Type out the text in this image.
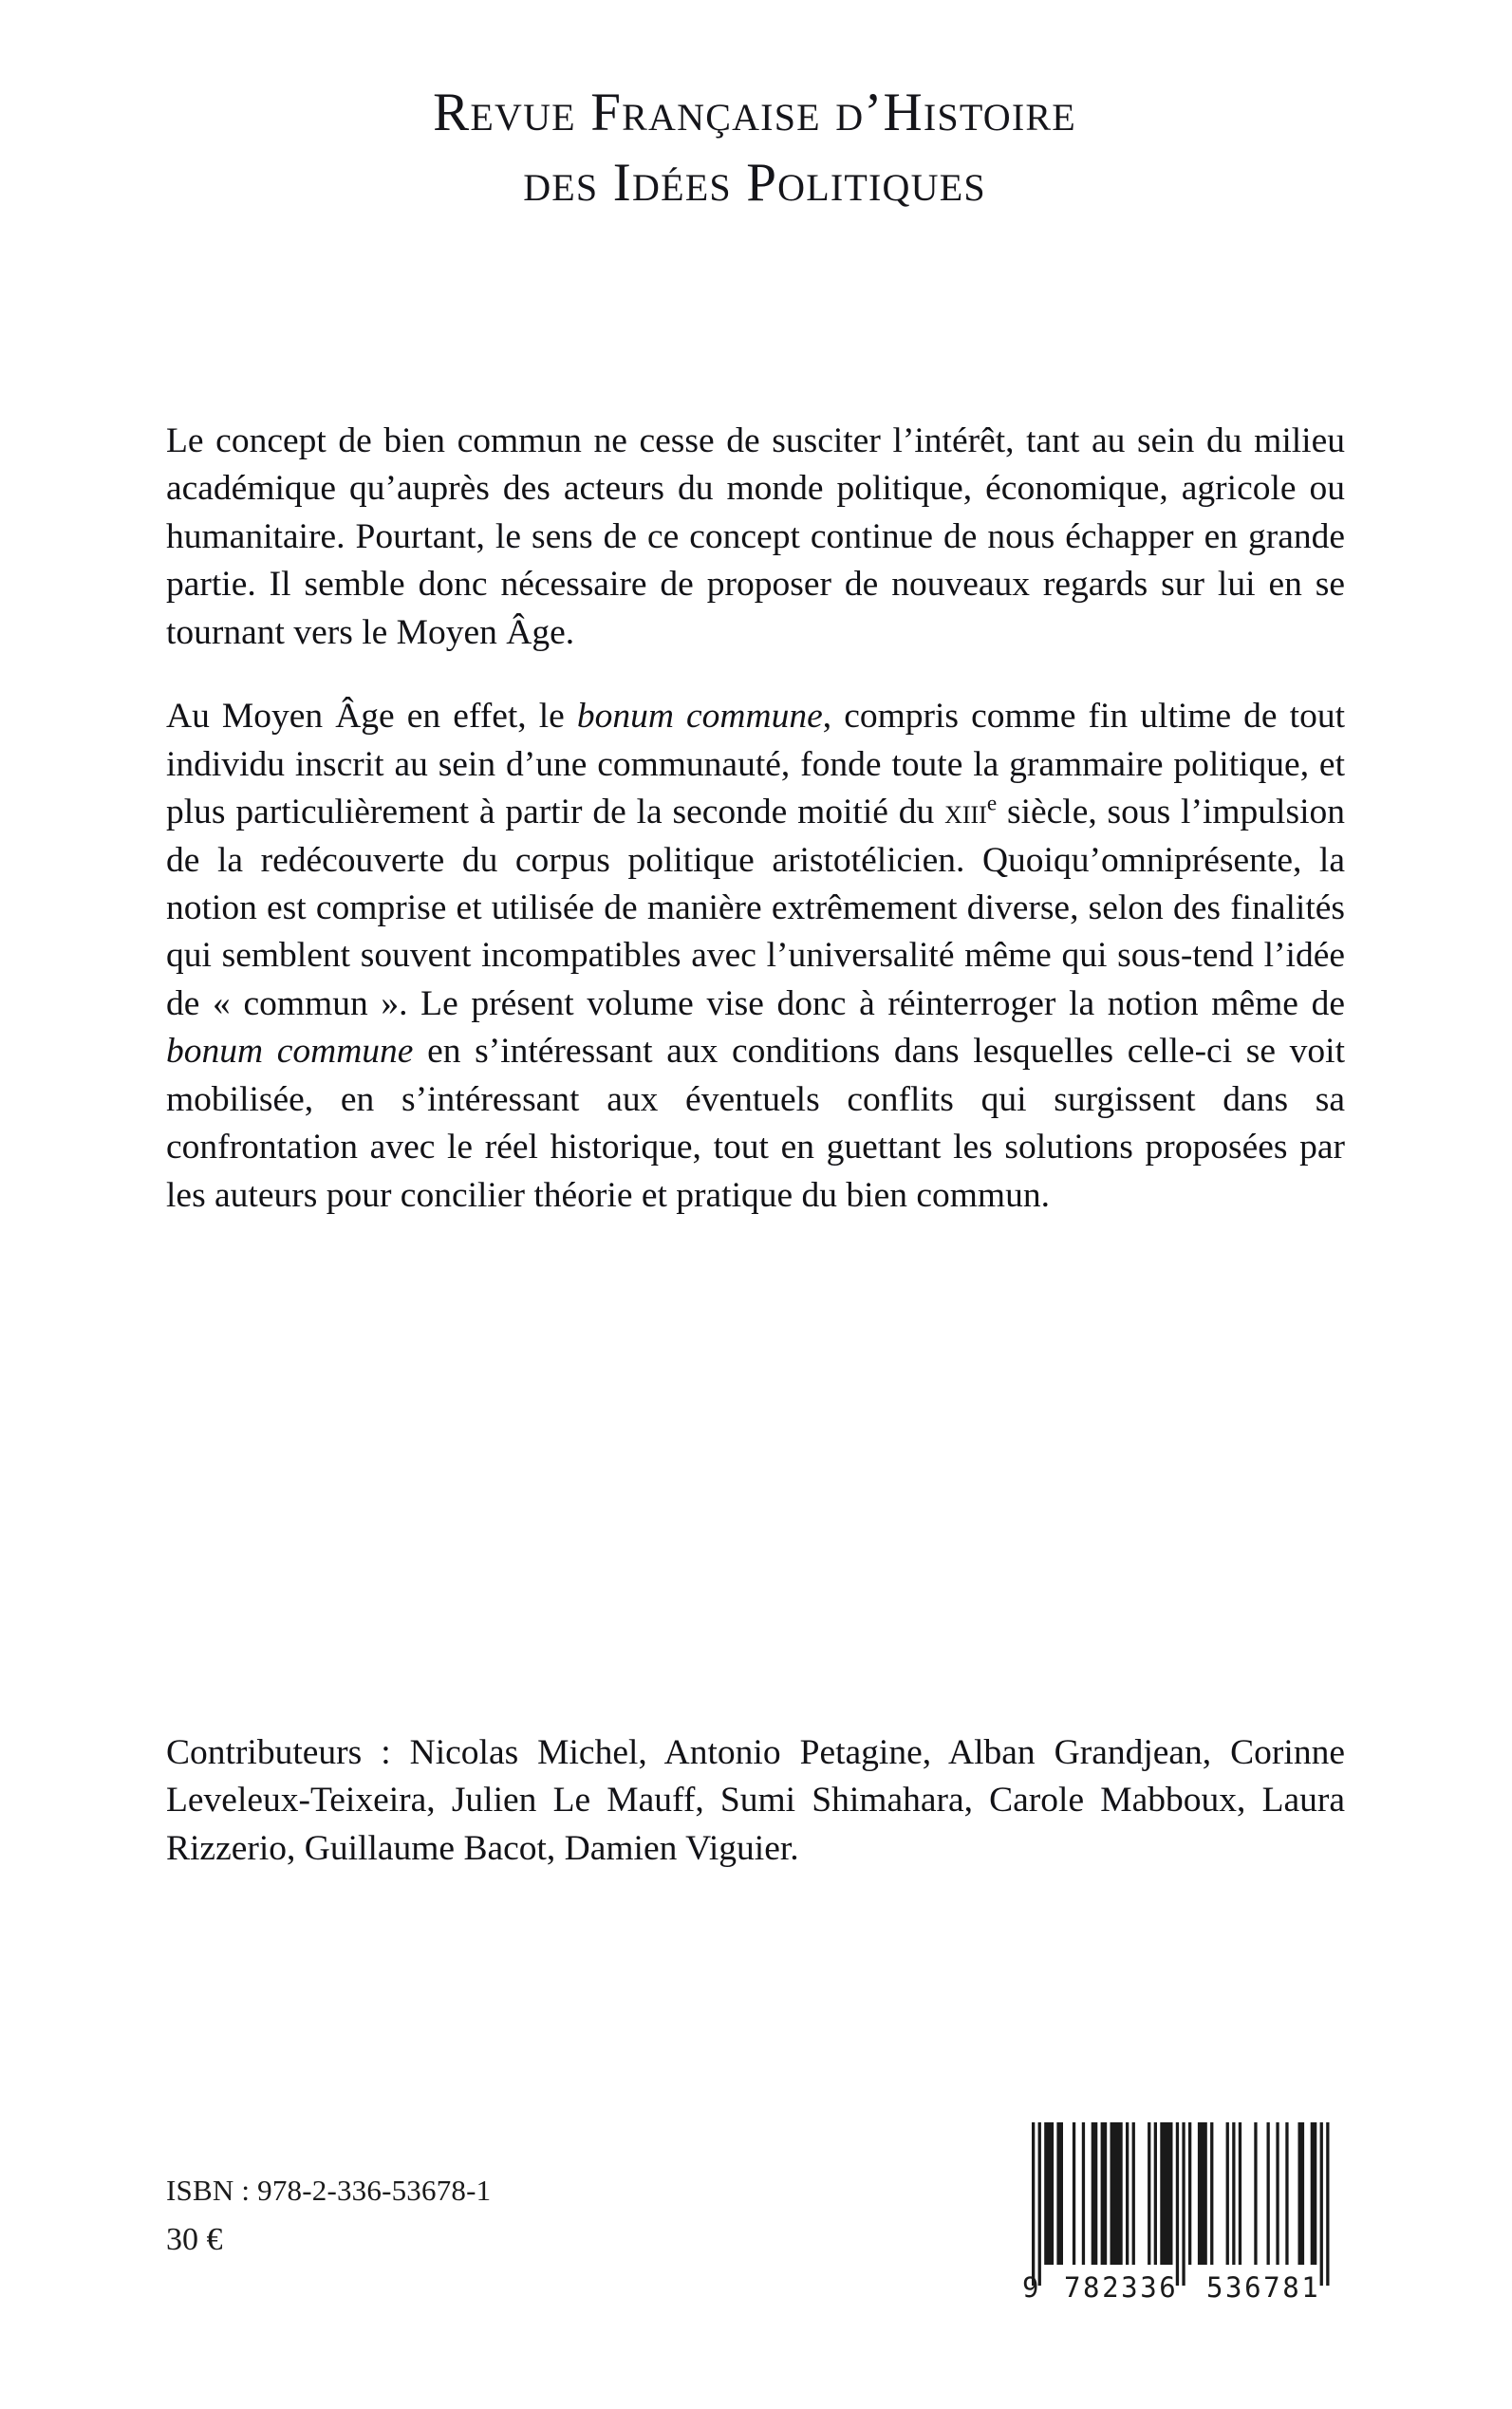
Revue Française d’Histoire
des Idées Politiques

Le concept de bien commun ne cesse de susciter l’intérêt, tant au sein du milieu académique qu’auprès des acteurs du monde politique, économique, agricole ou humanitaire. Pourtant, le sens de ce concept continue de nous échapper en grande partie. Il semble donc nécessaire de proposer de nouveaux regards sur lui en se tournant vers le Moyen Âge.

Au Moyen Âge en effet, le bonum commune, compris comme fin ultime de tout individu inscrit au sein d’une communauté, fonde toute la grammaire politique, et plus particulièrement à partir de la seconde moitié du xiii$^e$ siècle, sous l’impulsion de la redécouverte du corpus politique aristotélicien. Quoiqu’omniprésente, la notion est comprise et utilisée de manière extrêmement diverse, selon des finalités qui semblent souvent incompatibles avec l’universalité même qui sous-tend l’idée de « commun ». Le présent volume vise donc à réinterroger la notion même de bonum commune en s’intéressant aux conditions dans lesquelles celle-ci se voit mobilisée, en s’intéressant aux éventuels conflits qui surgissent dans sa confrontation avec le réel historique, tout en guettant les solutions proposées par les auteurs pour concilier théorie et pratique du bien commun.

Contributeurs : Nicolas Michel, Antonio Petagine, Alban Grandjean, Corinne Leveleux-Teixeira, Julien Le Mauff, Sumi Shimahara, Carole Mabboux, Laura Rizzerio, Guillaume Bacot, Damien Viguier.
ISBN : 978-2-336-53678-1
30 €
9 782336 536781
